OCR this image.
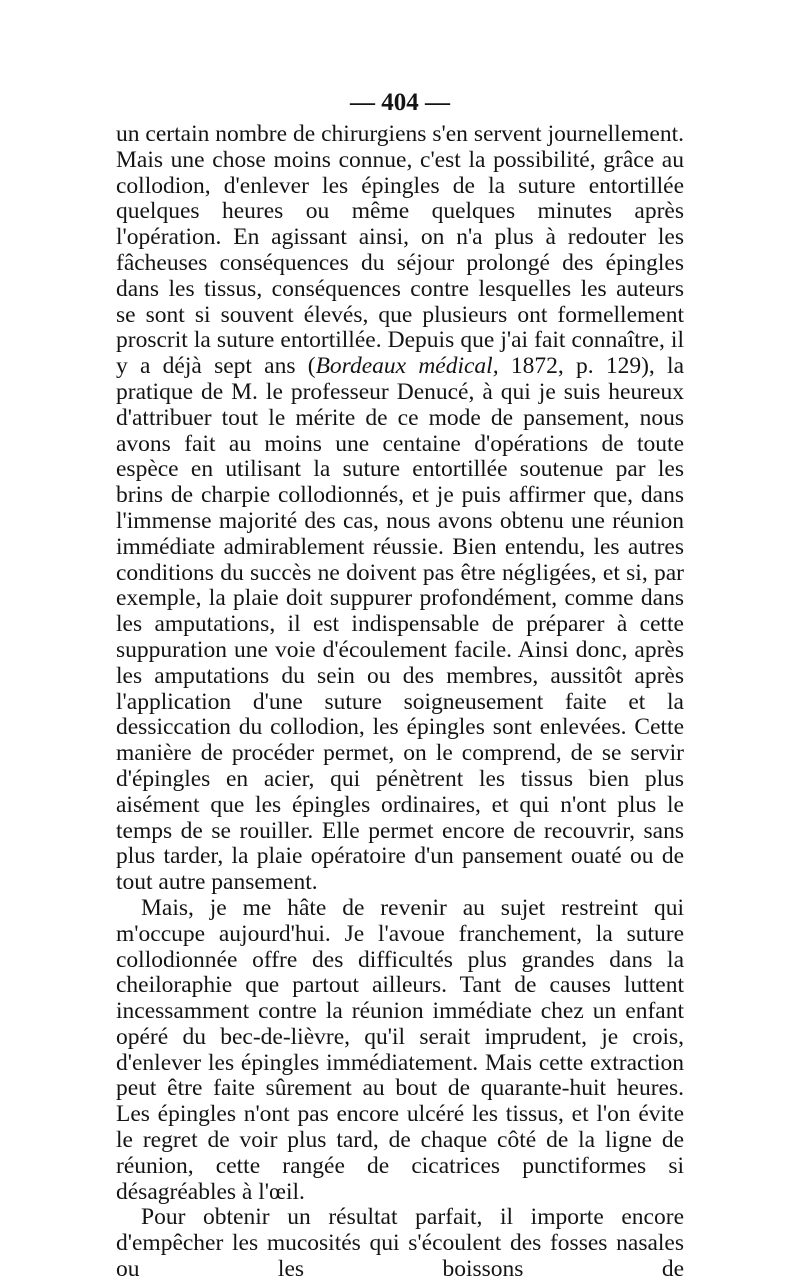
— 404 —

un certain nombre de chirurgiens s'en servent journellement. Mais une chose moins connue, c'est la possibilité, grâce au collodion, d'enlever les épingles de la suture entortillée quelques heures ou même quelques minutes après l'opération. En agissant ainsi, on n'a plus à redouter les fâcheuses conséquences du séjour prolongé des épingles dans les tissus, conséquences contre lesquelles les auteurs se sont si souvent élevés, que plusieurs ont formellement proscrit la suture entortillée. Depuis que j'ai fait connaître, il y a déjà sept ans (Bordeaux médical, 1872, p. 129), la pratique de M. le professeur Denucé, à qui je suis heureux d'attribuer tout le mérite de ce mode de pansement, nous avons fait au moins une centaine d'opérations de toute espèce en utilisant la suture entortillée soutenue par les brins de charpie collodionnés, et je puis affirmer que, dans l'immense majorité des cas, nous avons obtenu une réunion immédiate admirablement réussie. Bien entendu, les autres conditions du succès ne doivent pas être négligées, et si, par exemple, la plaie doit suppurer profondément, comme dans les amputations, il est indispensable de préparer à cette suppuration une voie d'écoulement facile. Ainsi donc, après les amputations du sein ou des membres, aussitôt après l'application d'une suture soigneusement faite et la dessiccation du collodion, les épingles sont enlevées. Cette manière de procéder permet, on le comprend, de se servir d'épingles en acier, qui pénètrent les tissus bien plus aisément que les épingles ordinaires, et qui n'ont plus le temps de se rouiller. Elle permet encore de recouvrir, sans plus tarder, la plaie opératoire d'un pansement ouaté ou de tout autre pansement.

Mais, je me hâte de revenir au sujet restreint qui m'occupe aujourd'hui. Je l'avoue franchement, la suture collodionnée offre des difficultés plus grandes dans la cheiloraphie que partout ailleurs. Tant de causes luttent incessamment contre la réunion immédiate chez un enfant opéré du bec-de-lièvre, qu'il serait imprudent, je crois, d'enlever les épingles immédiatement. Mais cette extraction peut être faite sûrement au bout de quarante-huit heures. Les épingles n'ont pas encore ulcéré les tissus, et l'on évite le regret de voir plus tard, de chaque côté de la ligne de réunion, cette rangée de cicatrices punctiformes si désagréables à l'œil.

Pour obtenir un résultat parfait, il importe encore d'empêcher les mucosités qui s'écoulent des fosses nasales ou les boissons de
